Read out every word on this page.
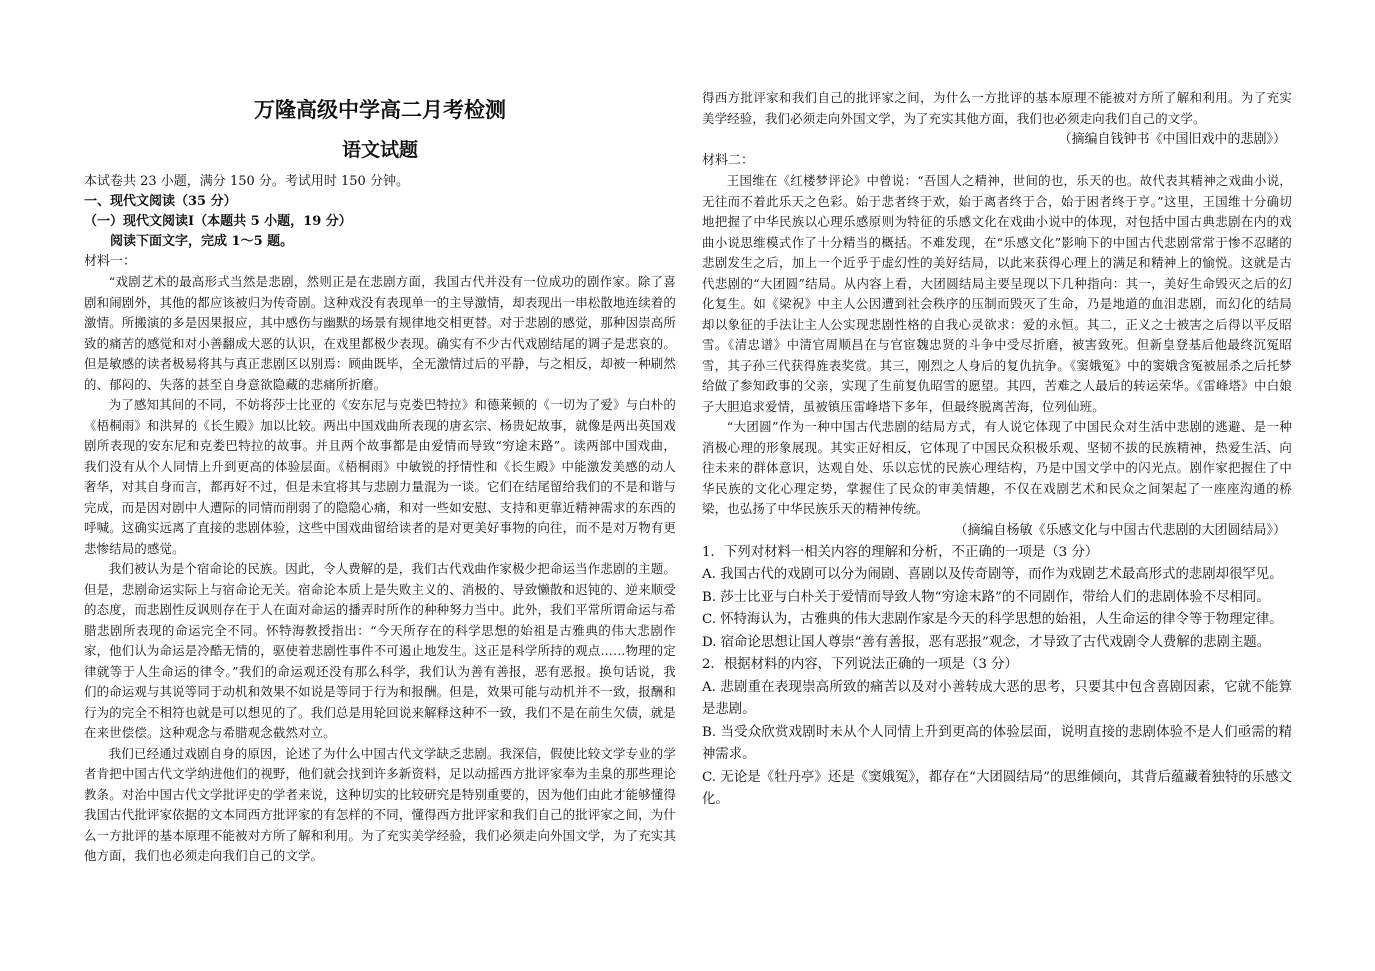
万隆高级中学高二月考检测
语文试题

本试卷共 23 小题，满分 150 分。考试用时 150 分钟。

一、现代文阅读（35 分）

（一）现代文阅读Ⅰ（本题共 5 小题，19 分）

阅读下面文字，完成 1～5 题。

材料一：

“戏剧艺术的最高形式当然是悲剧，然则正是在悲剧方面，我国古代并没有一位成功的剧作家。除了喜剧和闹剧外，其他的都应该被归为传奇剧。这种戏没有表现单一的主导激情，却表现出一串松散地连续着的激情。所搬演的多是因果报应，其中感伤与幽默的场景有规律地交相更替。对于悲剧的感觉，那种因崇高所致的痛苦的感觉和对小善翻成大恶的认识，在戏里都极少表现。确实有不少古代戏剧结尾的调子是悲哀的。但是敏感的读者极易将其与真正悲剧区以别焉：顾曲既毕，全无激情过后的平静，与之相反，却被一种刷然的、郁闷的、失落的甚至自身意欲隐藏的悲痛所折磨。

为了感知其间的不同，不妨将莎士比亚的《安东尼与克娄巴特拉》和德莱顿的《一切为了爱》与白朴的《梧桐雨》和洪昇的《长生殿》加以比较。两出中国戏曲所表现的唐玄宗、杨贵妃故事，就像是两出英国戏剧所表现的安东尼和克娄巴特拉的故事。并且两个故事都是由爱情而导致“穷途末路”。读两部中国戏曲，我们没有从个人同情上升到更高的体验层面。《梧桐雨》中敏锐的抒情性和《长生殿》中能激发美感的动人奢华，对其自身而言，都再好不过，但是未宜将其与悲剧力量混为一谈。它们在结尾留给我们的不是和谐与完成，而是因对剧中人遭际的同情而削弱了的隐隐心痛，和对一些如安慰、支持和更靠近精神需求的东西的呼喊。这确实远离了直接的悲剧体验，这些中国戏曲留给读者的是对更美好事物的向往，而不是对万物有更悲惨结局的感觉。

我们被认为是个宿命论的民族。因此，令人费解的是，我们古代戏曲作家极少把命运当作悲剧的主题。但是，悲剧命运实际上与宿命论无关。宿命论本质上是失败主义的、消极的、导致懒散和迟钝的、逆来顺受的态度，而悲剧性反讽则存在于人在面对命运的播弄时所作的种种努力当中。此外，我们平常所谓命运与希腊悲剧所表现的命运完全不同。怀特海教授指出：“今天所存在的科学思想的始祖是古雅典的伟大悲剧作家，他们认为命运是冷酷无情的，驱使着悲剧性事件不可遏止地发生。这正是科学所持的观点……物理的定律就等于人生命运的律令。”我们的命运观还没有那么科学，我们认为善有善报，恶有恶报。换句话说，我们的命运观与其说等同于动机和效果不如说是等同于行为和报酬。但是，效果可能与动机并不一致，报酬和行为的完全不相符也就是可以想见的了。我们总是用轮回说来解释这种不一致，我们不是在前生欠债，就是在来世偿偿。这种观念与希腊观念截然对立。

我们已经通过戏剧自身的原因，论述了为什么中国古代文学缺乏悲剧。我深信，假使比较文学专业的学者肯把中国古代文学纳进他们的视野，他们就会找到许多新资料，足以动摇西方批评家奉为圭臬的那些理论教条。对治中国古代文学批评史的学者来说，这种切实的比较研究是特别重要的，因为他们由此才能够懂得我国古代批评家依据的文本同西方批评家的有怎样的不同，懂得西方批评家和我们自己的批评家之间，为什么一方批评的基本原理不能被对方所了解和利用。为了充实美学经验，我们必须走向外国文学，为了充实其他方面，我们也必须走向我们自己的文学。

得西方批评家和我们自己的批评家之间，为什么一方批评的基本原理不能被对方所了解和利用。为了充实美学经验，我们必须走向外国文学，为了充实其他方面，我们也必须走向我们自己的文学。

（摘编自钱钟书《中国旧戏中的悲剧》）

材料二：

王国维在《红楼梦评论》中曾说：“吾国人之精神，世间的也，乐天的也。故代表其精神之戏曲小说，无往而不着此乐天之色彩。始于悲者终于欢，始于离者终于合，始于困者终于亨。”这里，王国维十分确切地把握了中华民族以心理乐感原则为特征的乐感文化在戏曲小说中的体现，对包括中国古典悲剧在内的戏曲小说思维模式作了十分精当的概括。不难发现，在“乐感文化”影响下的中国古代悲剧常常于惨不忍睹的悲剧发生之后，加上一个近乎于虚幻性的美好结局，以此来获得心理上的满足和精神上的愉悦。这就是古代悲剧的“大团圆”结局。从内容上看，大团圆结局主要呈现以下几种指向：其一，美好生命毁灭之后的幻化复生。如《梁祝》中主人公因遭到社会秩序的压制而毁灭了生命，乃是地道的血泪悲剧，而幻化的结局却以象征的手法让主人公实现悲剧性格的自我心灵欲求：爱的永恒。其二，正义之士被害之后得以平反昭雪。《清忠谱》中清官周顺昌在与官宦魏忠贤的斗争中受尽折磨，被害致死。但新皇登基后他最终沉冤昭雪，其子孙三代获得旌表奖赏。其三，刚烈之人身后的复仇抗争。《窦娥冤》中的窦娥含冤被屈杀之后托梦给做了参知政事的父亲，实现了生前复仇昭雪的愿望。其四，苦难之人最后的转运荣华。《雷峰塔》中白娘子大胆追求爱情，虽被镇压雷峰塔下多年，但最终脱离苦海，位列仙班。

“大团圆”作为一种中国古代悲剧的结局方式，有人说它体现了中国民众对生活中悲剧的逃避、是一种消极心理的形象展现。其实正好相反，它体现了中国民众积极乐观、坚韧不拔的民族精神，热爱生活、向往未来的群体意识，达观自处、乐以忘忧的民族心理结构，乃是中国文学中的闪光点。剧作家把握住了中华民族的文化心理定势，掌握住了民众的审美情趣，不仅在戏剧艺术和民众之间架起了一座座沟通的桥梁，也弘扬了中华民族乐天的精神传统。

（摘编自杨敏《乐感文化与中国古代悲剧的大团圆结局》）

1．下列对材料一相关内容的理解和分析，不正确的一项是（3 分）

A. 我国古代的戏剧可以分为闹剧、喜剧以及传奇剧等，而作为戏剧艺术最高形式的悲剧却很罕见。

B. 莎士比亚与白朴关于爱情而导致人物“穷途末路”的不同剧作，带给人们的悲剧体验不尽相同。

C. 怀特海认为，古雅典的伟大悲剧作家是今天的科学思想的始祖，人生命运的律令等于物理定律。

D. 宿命论思想让国人尊崇“善有善报，恶有恶报”观念，才导致了古代戏剧令人费解的悲剧主题。

2．根据材料的内容，下列说法正确的一项是（3 分）

A. 悲剧重在表现崇高所致的痛苦以及对小善转成大恶的思考，只要其中包含喜剧因素，它就不能算是悲剧。

B. 当受众欣赏戏剧时未从个人同情上升到更高的体验层面，说明直接的悲剧体验不是人们亟需的精神需求。

C. 无论是《牡丹亭》还是《窦娥冤》，都存在“大团圆结局”的思维倾向，其背后蕴藏着独特的乐感文化。
